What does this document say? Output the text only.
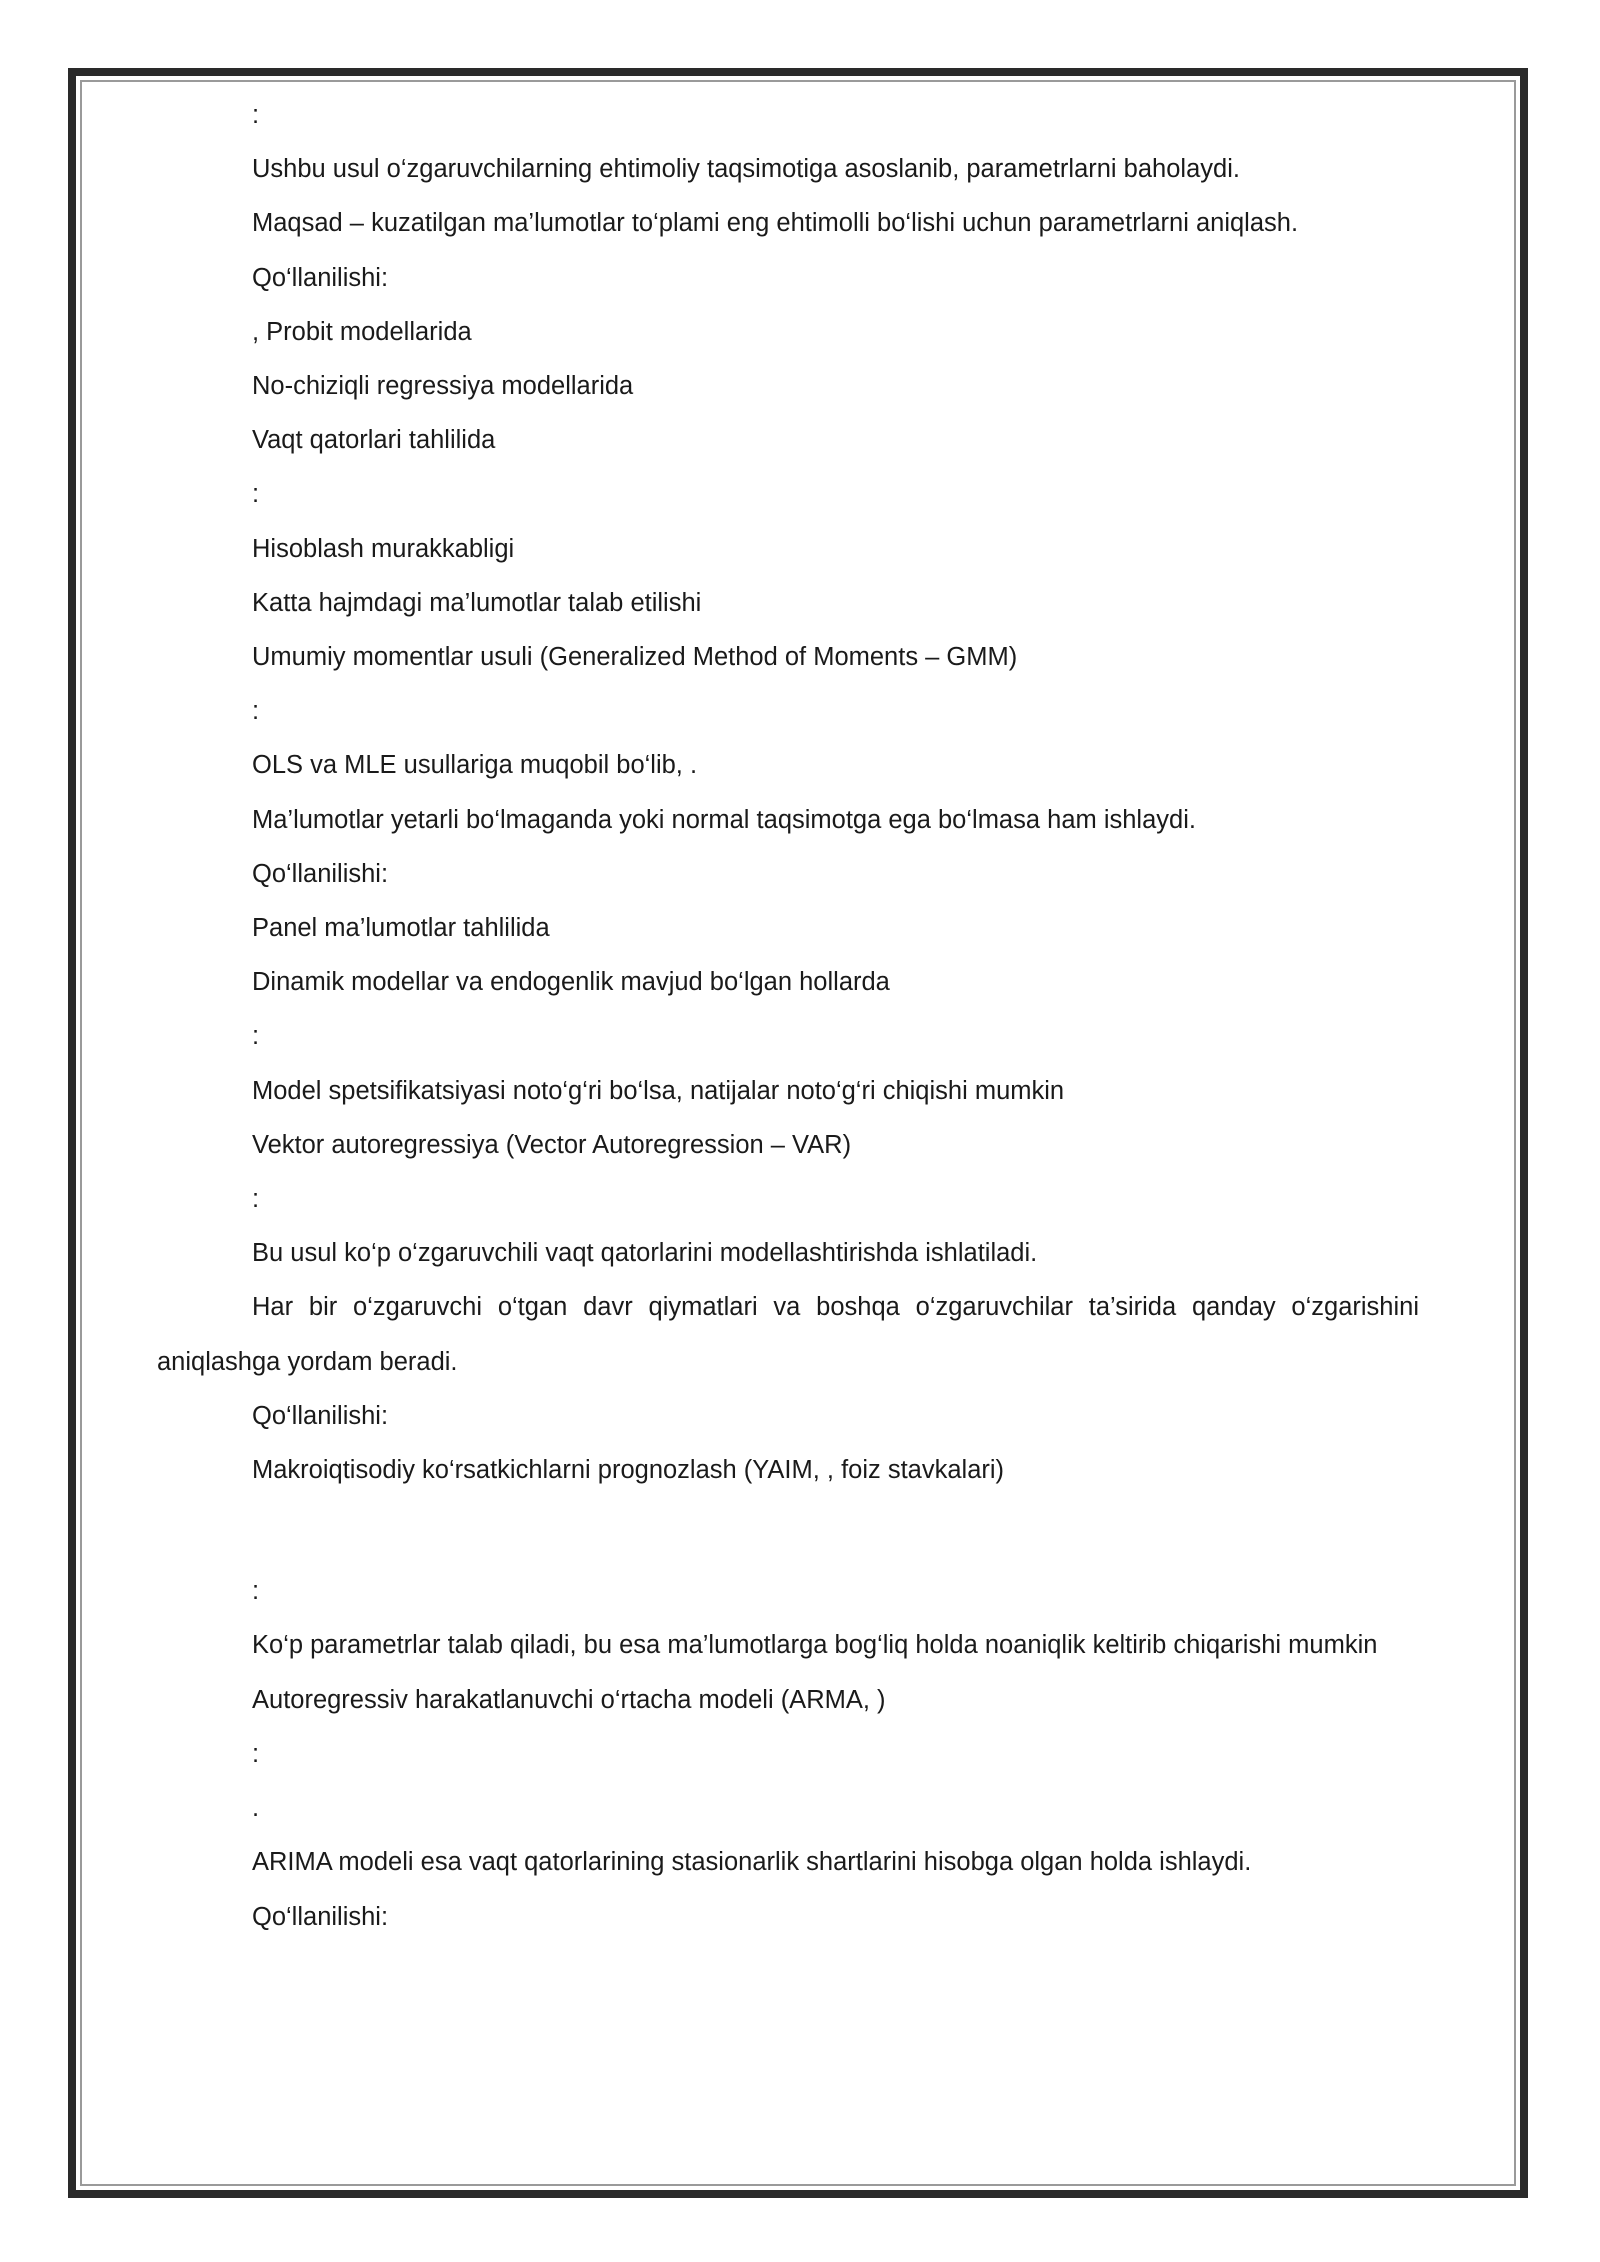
:

Ushbu usul o‘zgaruvchilarning ehtimoliy taqsimotiga asoslanib, parametrlarni baholaydi.

Maqsad – kuzatilgan ma’lumotlar to‘plami eng ehtimolli bo‘lishi uchun parametrlarni aniqlash.

Qo‘llanilishi:

, Probit modellarida

No-chiziqli regressiya modellarida

Vaqt qatorlari tahlilida

:

Hisoblash murakkabligi

Katta hajmdagi ma’lumotlar talab etilishi

Umumiy momentlar usuli (Generalized Method of Moments – GMM)

:

OLS va MLE usullariga muqobil bo‘lib, .

Ma’lumotlar yetarli bo‘lmaganda yoki normal taqsimotga ega bo‘lmasa ham ishlaydi.

Qo‘llanilishi:

Panel ma’lumotlar tahlilida

Dinamik modellar va endogenlik mavjud bo‘lgan hollarda

:

Model spetsifikatsiyasi noto‘g‘ri bo‘lsa, natijalar noto‘g‘ri chiqishi mumkin

Vektor autoregressiya (Vector Autoregression – VAR)

:

Bu usul ko‘p o‘zgaruvchili vaqt qatorlarini modellashtirishda ishlatiladi.

Har bir o‘zgaruvchi o‘tgan davr qiymatlari va boshqa o‘zgaruvchilar ta’sirida qanday o‘zgarishini aniqlashga yordam beradi.

Qo‘llanilishi:

Makroiqtisodiy ko‘rsatkichlarni prognozlash (YAIM, , foiz stavkalari)

:

Ko‘p parametrlar talab qiladi, bu esa ma’lumotlarga bog‘liq holda noaniqlik keltirib chiqarishi mumkin

Autoregressiv harakatlanuvchi o‘rtacha modeli (ARMA, )

:

.

ARIMA modeli esa vaqt qatorlarining stasionarlik shartlarini hisobga olgan holda ishlaydi.

Qo‘llanilishi:
